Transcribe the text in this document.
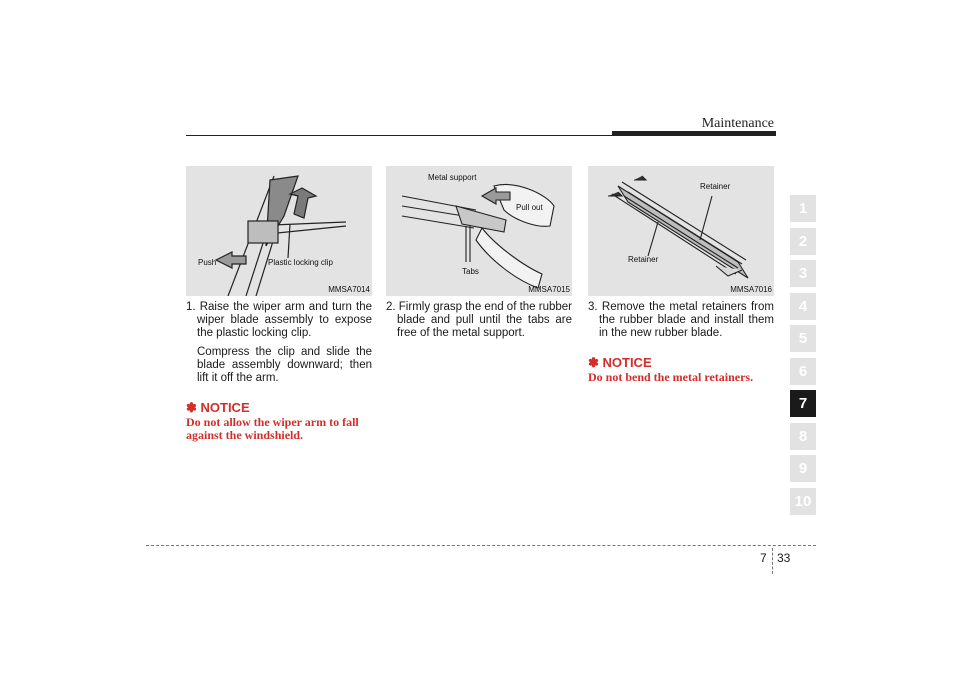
Maintenance
Push	Plastic locking clip
MMSA7014
Metal support
Pull out
Tabs
MMSA7015
Retainer
Retainer
MMSA7016

1. Raise the wiper arm and turn the wiper blade assembly to expose the plastic locking clip.

Compress the clip and slide the blade assembly downward; then lift it off the arm.

✽ NOTICE
Do not allow the wiper arm to fall against the windshield.

2. Firmly grasp the end of the rubber blade and pull until the tabs are free of the metal support.

3. Remove the metal retainers from the rubber blade and install them in the new rubber blade.

✽ NOTICE
Do not bend the metal retainers.
1
2
3
4
5
6
7
8
9
10
7 33
